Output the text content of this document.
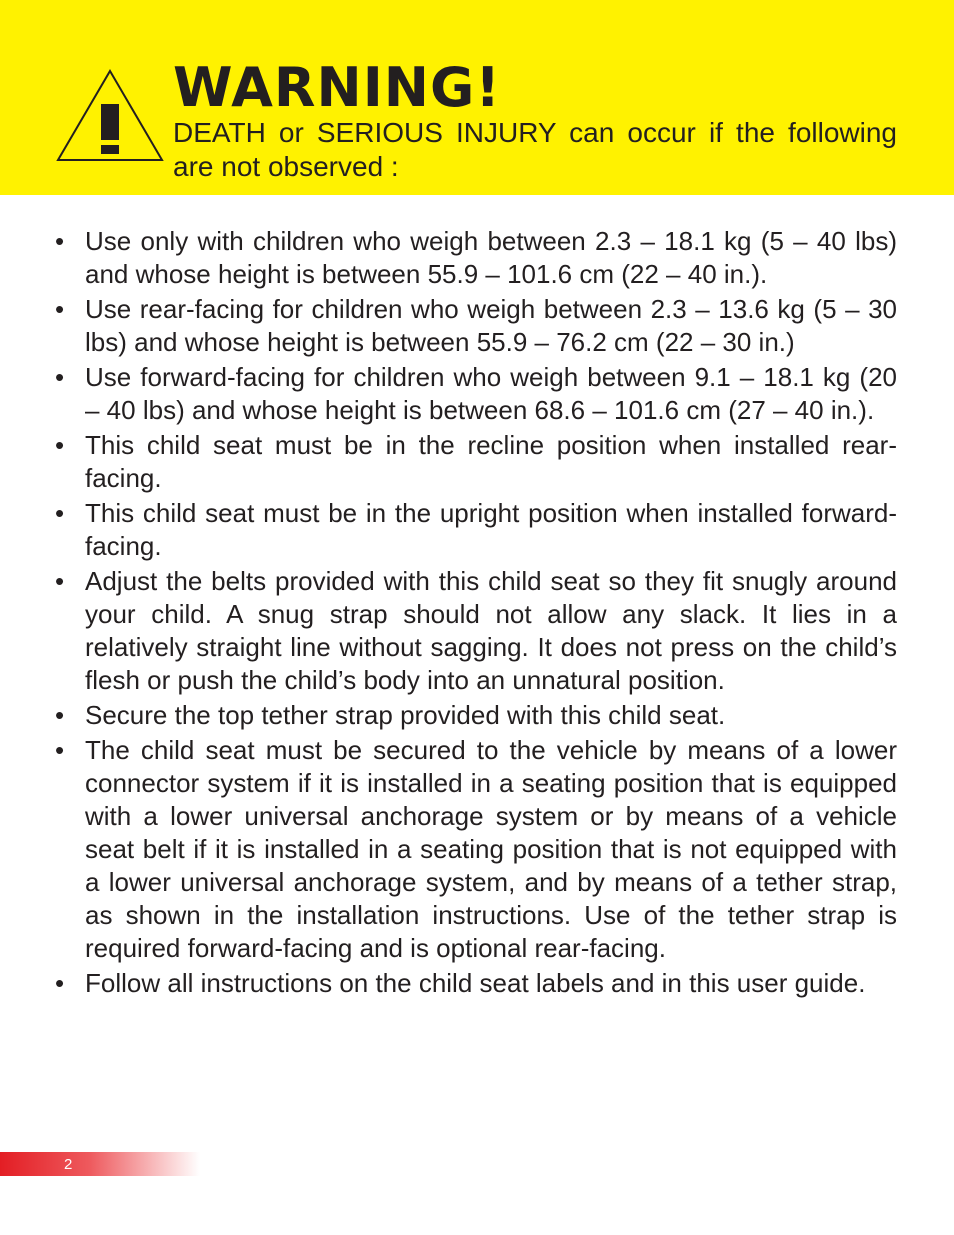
WARNING!

DEATH or SERIOUS INJURY can occur if the following are not observed :

• Use only with children who weigh between 2.3 – 18.1 kg (5 – 40 lbs) and whose height is between 55.9 – 101.6 cm (22 – 40 in.).
• Use rear-facing for children who weigh between 2.3 – 13.6 kg (5 – 30 lbs) and whose height is between 55.9 – 76.2 cm (22 – 30 in.)
• Use forward-facing for children who weigh between 9.1 – 18.1 kg (20 – 40 lbs) and whose height is between 68.6 – 101.6 cm (27 – 40 in.).
• This child seat must be in the recline position when installed rear-facing.
• This child seat must be in the upright position when installed forward-facing.
• Adjust the belts provided with this child seat so they fit snugly around your child. A snug strap should not allow any slack. It lies in a relatively straight line without sagging. It does not press on the child’s flesh or push the child’s body into an unnatural position.
• Secure the top tether strap provided with this child seat.
• The child seat must be secured to the vehicle by means of a lower connector system if it is installed in a seating position that is equipped with a lower universal anchorage system or by means of a vehicle seat belt if it is installed in a seating position that is not equipped with a lower universal anchorage system, and by means of a tether strap, as shown in the installation instructions. Use of the tether strap is required forward-facing and is optional rear-facing.
• Follow all instructions on the child seat labels and in this user guide.

2
